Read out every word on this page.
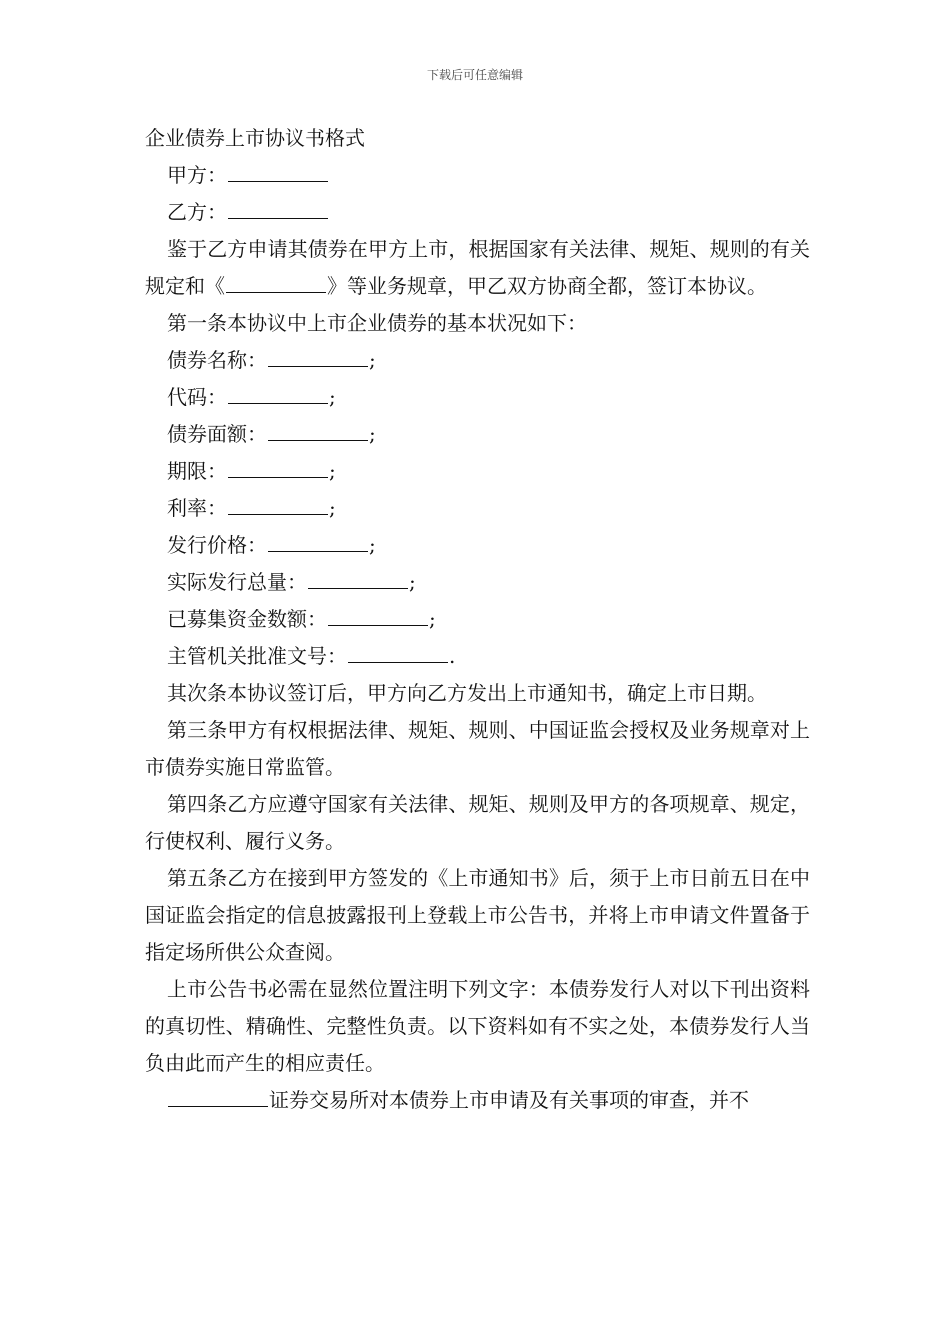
下载后可任意编辑

企业债券上市协议书格式

甲方：

乙方：

鉴于乙方申请其债券在甲方上市，根据国家有关法律、规矩、规则的有关规定和《	》等业务规章，甲乙双方协商全都，签订本协议。

第一条本协议中上市企业债券的基本状况如下：

债券名称：	;

代码：	;

债券面额：	;

期限：	;

利率：	;

发行价格：	;

实际发行总量：	;

已募集资金数额：	;

主管机关批准文号：	.

其次条本协议签订后，甲方向乙方发出上市通知书，确定上市日期。

第三条甲方有权根据法律、规矩、规则、中国证监会授权及业务规章对上市债券实施日常监管。

第四条乙方应遵守国家有关法律、规矩、规则及甲方的各项规章、规定，行使权利、履行义务。

第五条乙方在接到甲方签发的《上市通知书》后，须于上市日前五日在中国证监会指定的信息披露报刊上登载上市公告书，并将上市申请文件置备于指定场所供公众查阅。

上市公告书必需在显然位置注明下列文字：本债券发行人对以下刊出资料的真切性、精确性、完整性负责。以下资料如有不实之处，本债券发行人当负由此而产生的相应责任。

证券交易所对本债券上市申请及有关事项的审查，并不
